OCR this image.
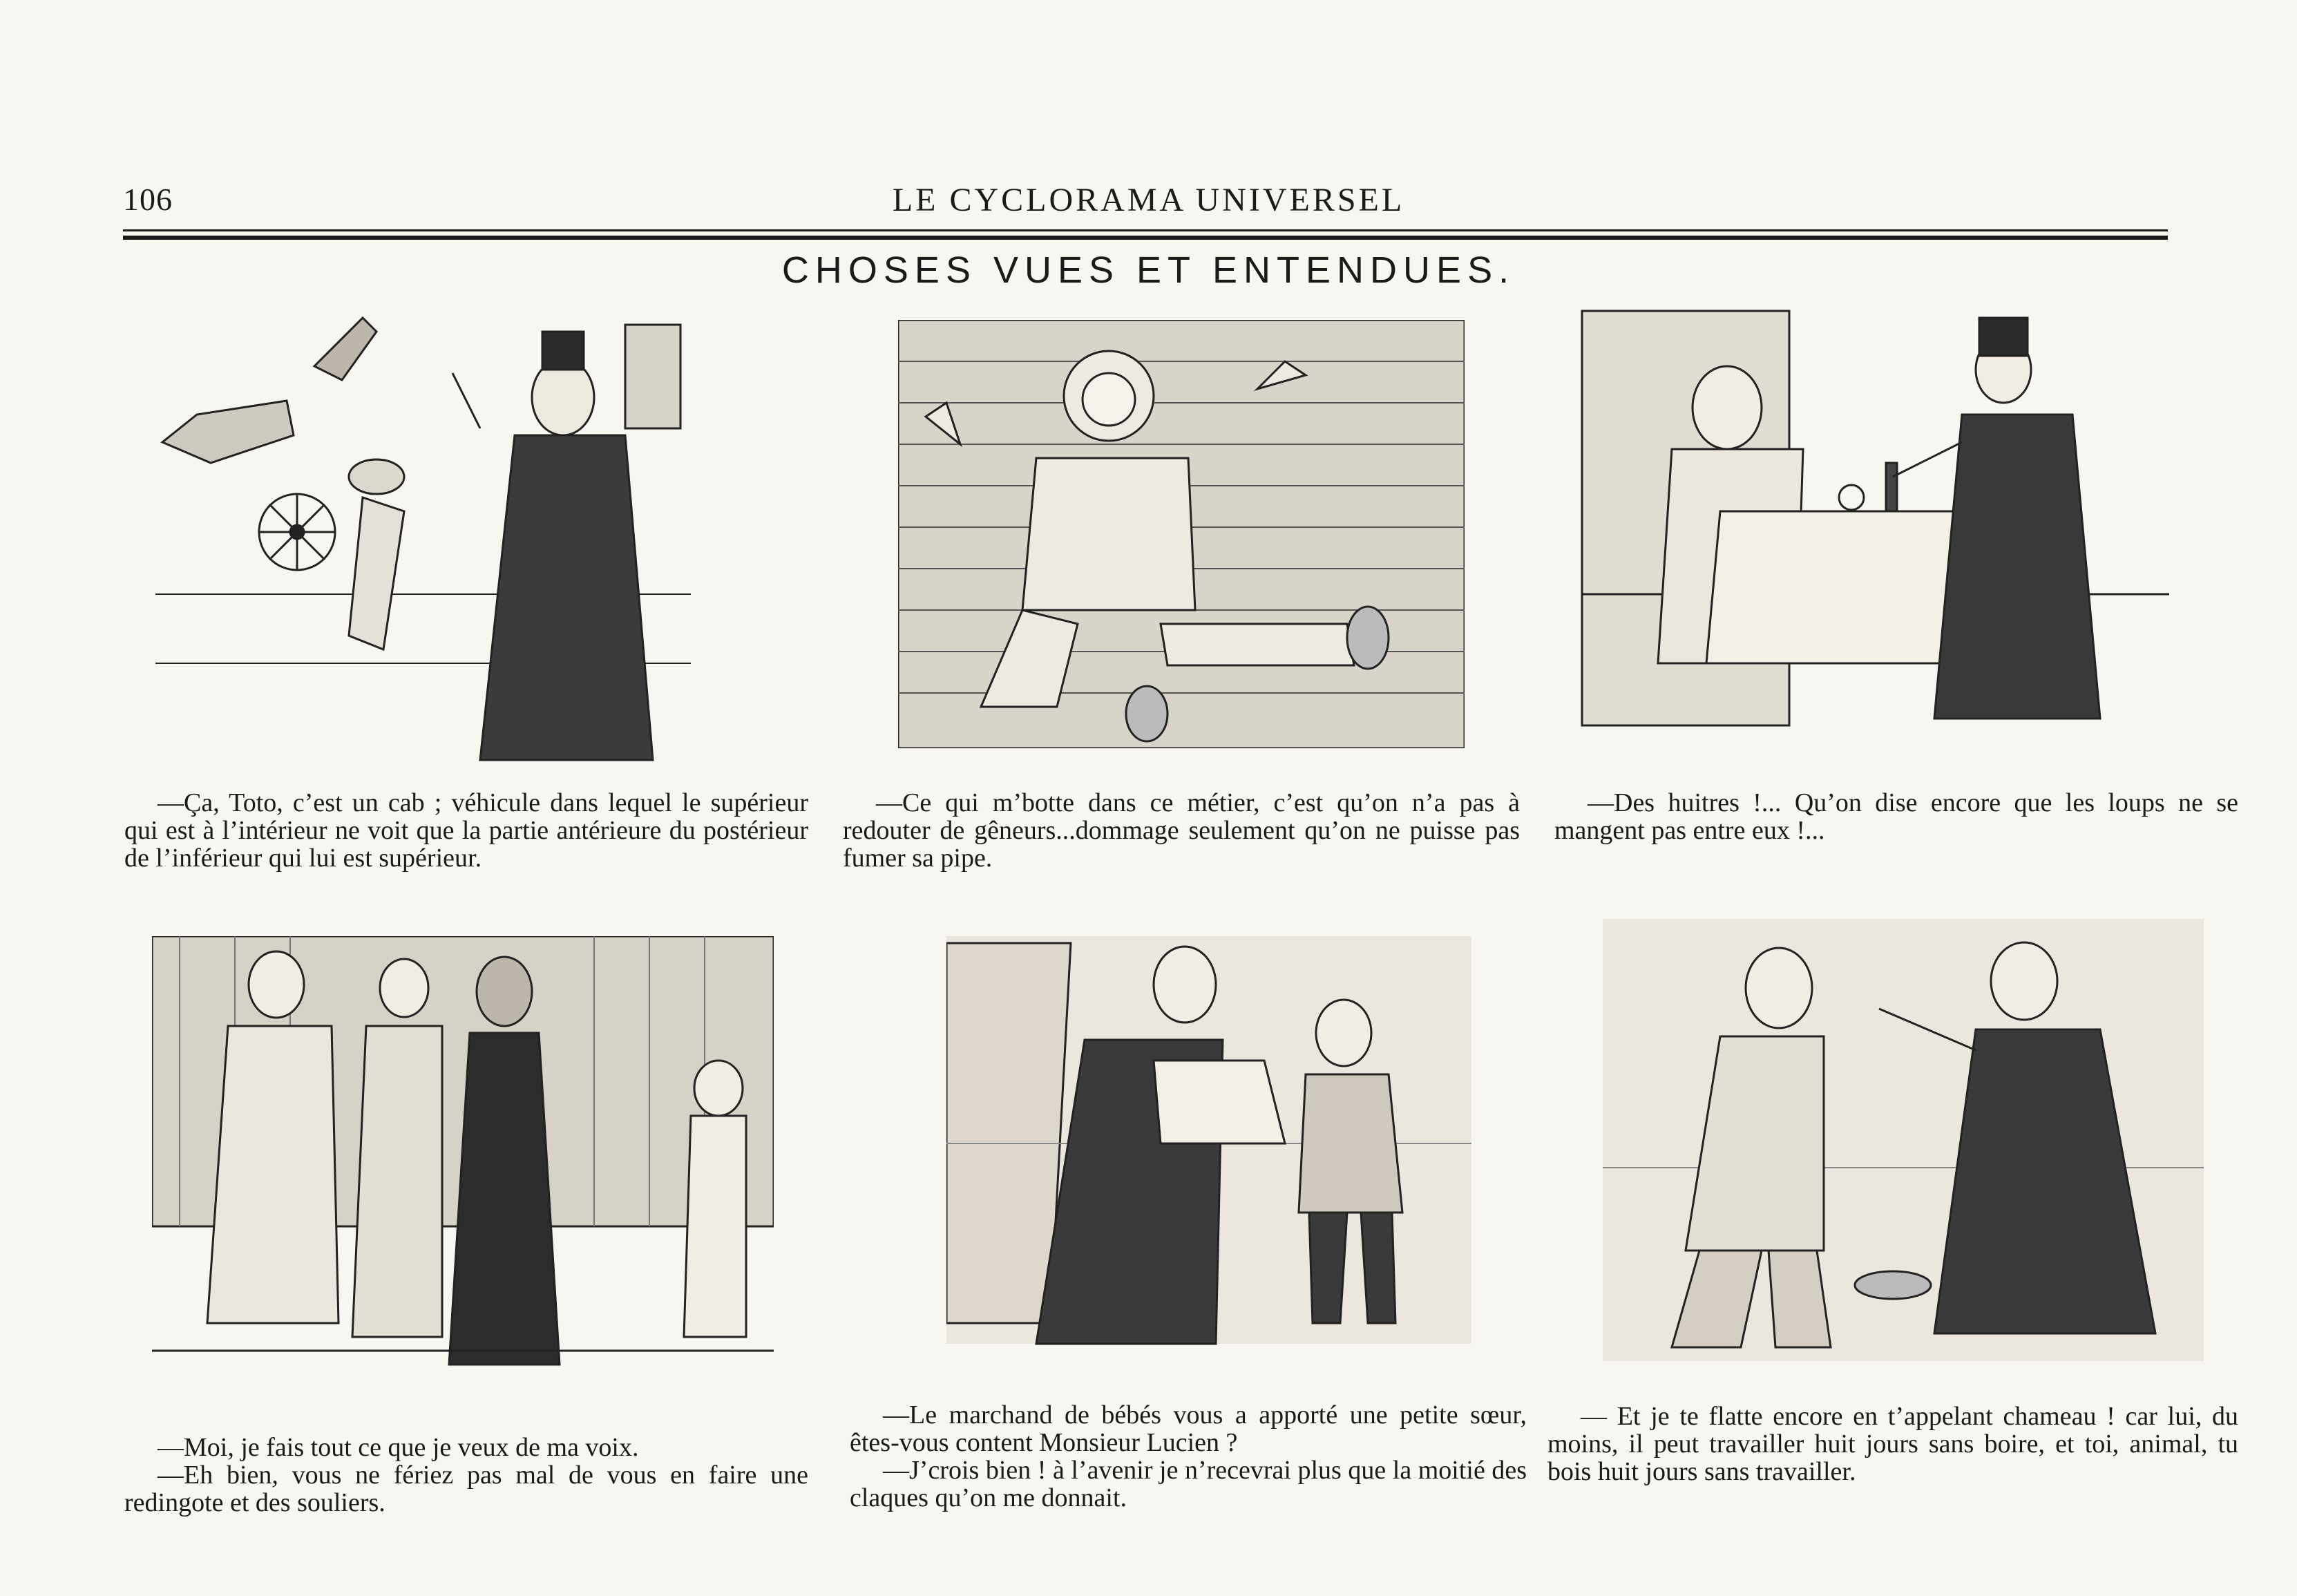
106	LE CYCLORAMA UNIVERSEL
CHOSES VUES ET ENTENDUES.

—Ça, Toto, c’est un cab ; véhicule dans lequel le supérieur qui est à l’intérieur ne voit que la partie antérieure du postérieur de l’inférieur qui lui est supérieur.

—Ce qui m’botte dans ce métier, c’est qu’on n’a pas à redouter de gêneurs...dommage seulement qu’on ne puisse pas fumer sa pipe.

—Des huitres !... Qu’on dise encore que les loups ne se mangent pas entre eux !...

—Moi, je fais tout ce que je veux de ma voix.

—Eh bien, vous ne fériez pas mal de vous en faire une redingote et des souliers.

—Le marchand de bébés vous a apporté une petite sœur, êtes-vous content Monsieur Lucien ?

—J’crois bien ! à l’avenir je n’recevrai plus que la moitié des claques qu’on me donnait.

— Et je te flatte encore en t’appelant chameau ! car lui, du moins, il peut travailler huit jours sans boire, et toi, animal, tu bois huit jours sans travailler.
